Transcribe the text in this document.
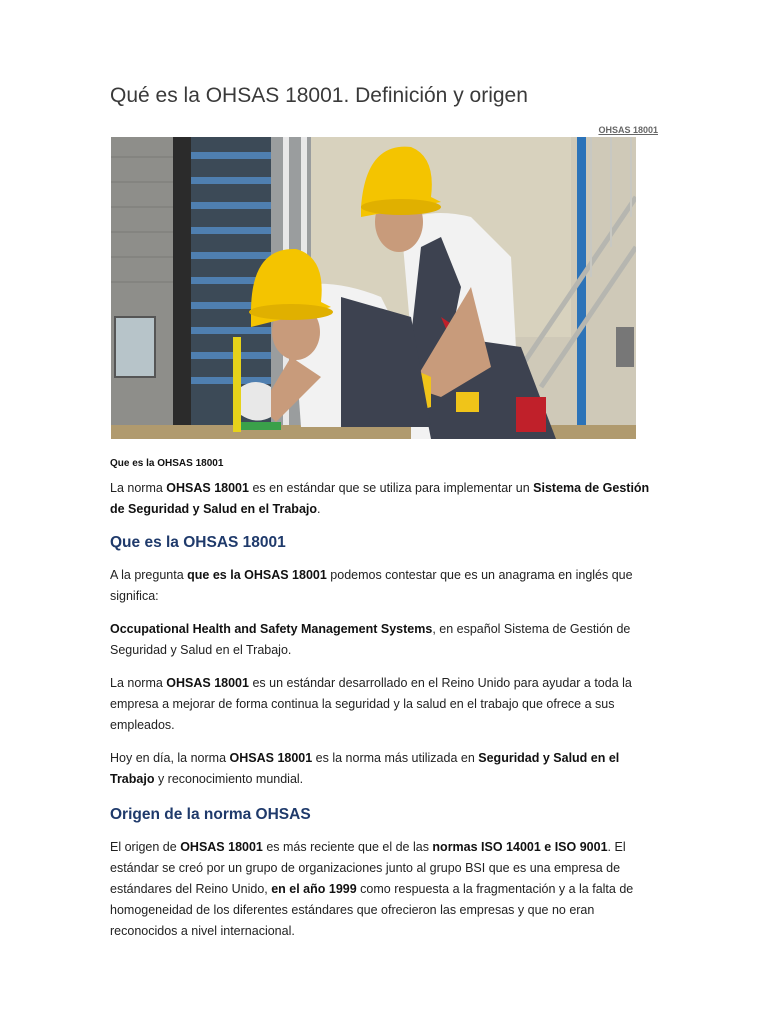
Qué es la OHSAS 18001. Definición y origen
OHSAS 18001
Que es la OHSAS 18001

La norma OHSAS 18001 es en estándar que se utiliza para implementar un Sistema de Gestión de Seguridad y Salud en el Trabajo.

Que es la OHSAS 18001

A la pregunta que es la OHSAS 18001 podemos contestar que es un anagrama en inglés que significa:

Occupational Health and Safety Management Systems, en español Sistema de Gestión de Seguridad y Salud en el Trabajo.

La norma OHSAS 18001 es un estándar desarrollado en el Reino Unido para ayudar a toda la empresa a mejorar de forma continua la seguridad y la salud en el trabajo que ofrece a sus empleados.

Hoy en día, la norma OHSAS 18001 es la norma más utilizada en Seguridad y Salud en el Trabajo y reconocimiento mundial.

Origen de la norma OHSAS

El origen de OHSAS 18001 es más reciente que el de las normas ISO 14001 e ISO 9001. El estándar se creó por un grupo de organizaciones junto al grupo BSI que es una empresa de estándares del Reino Unido, en el año 1999 como respuesta a la fragmentación y a la falta de homogeneidad de los diferentes estándares que ofrecieron las empresas y que no eran reconocidos a nivel internacional.
